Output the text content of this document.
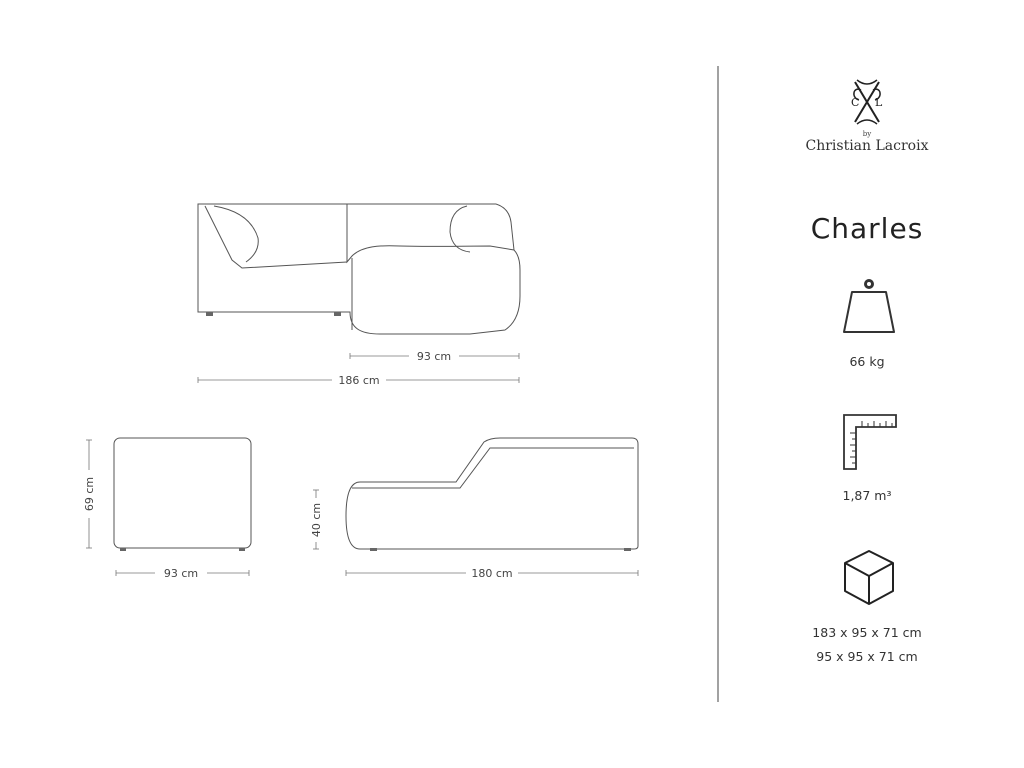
93 cm
186 cm
93 cm	180 cm
69 cm
40 cm
C L
by
Christian Lacroix
Charles
66 kg
1,87 m³
183 x 95 x 71 cm
95 x 95 x 71 cm
